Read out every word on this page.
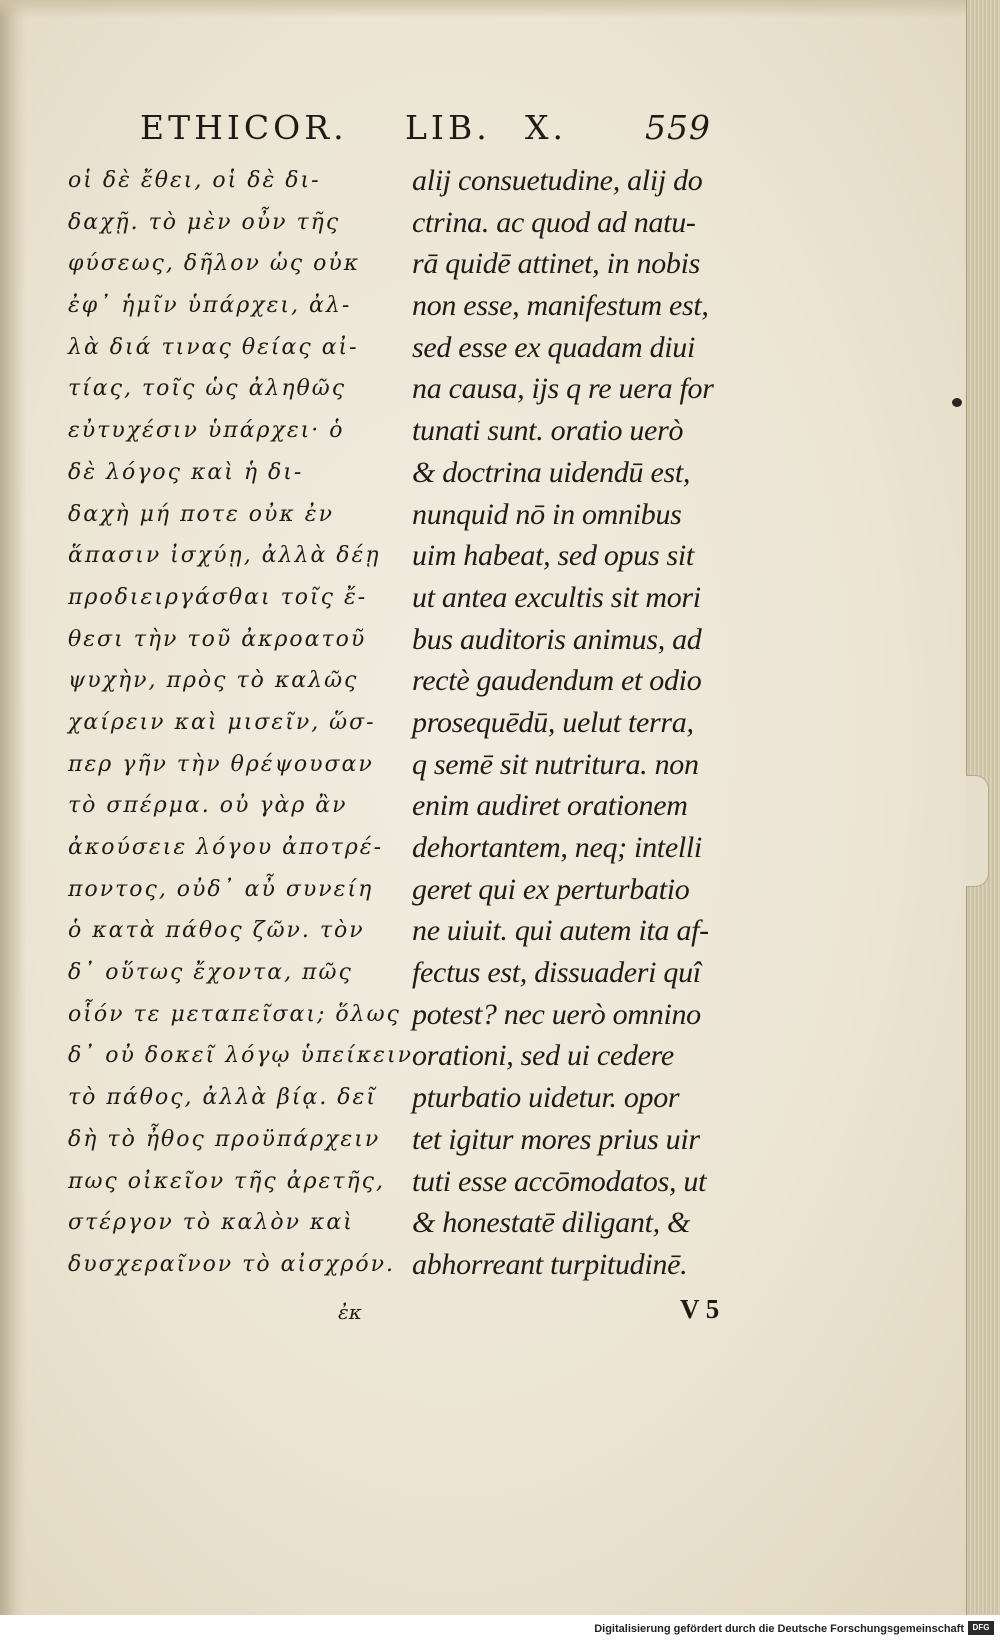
ETHICOR. LIB. X. 559
οἱ δὲ ἔθει, οἱ δὲ δι-
δαχῇ. τὸ μὲν οὖν τῆς
φύσεως, δῆλον ὡς οὐκ
ἐφ᾽ ἡμῖν ὑπάρχει, ἀλ-
λὰ διά τινας θείας αἰ-
τίας, τοῖς ὡς ἀληθῶς
εὐτυχέσιν ὑπάρχει· ὁ
δὲ λόγος καὶ ἡ δι-
δαχὴ μή ποτε οὐκ ἐν
ἅπασιν ἰσχύῃ, ἀλλὰ δέῃ
προδιειργάσθαι τοῖς ἔ-
θεσι τὴν τοῦ ἀκροατοῦ
ψυχὴν, πρὸς τὸ καλῶς
χαίρειν καὶ μισεῖν, ὥσ-
περ γῆν τὴν θρέψουσαν
τὸ σπέρμα. οὐ γὰρ ἂν
ἀκούσειε λόγου ἀποτρέ-
ποντος, οὐδ᾽ αὖ συνείη
ὁ κατὰ πάθος ζῶν. τὸν
δ᾽ οὕτως ἔχοντα, πῶς
οἷόν τε μεταπεῖσαι; ὅλως
δ᾽ οὐ δοκεῖ λόγῳ ὑπείκειν
τὸ πάθος, ἀλλὰ βίᾳ. δεῖ
δὴ τὸ ἦθος προϋπάρχειν
πως οἰκεῖον τῆς ἀρετῆς,
στέργον τὸ καλὸν καὶ
δυσχεραῖνον τὸ αἰσχρόν.
alij consuetudine, alij do
ctrina. ac quod ad natu-
rā quidē attinet, in nobis
non esse, manifestum est,
sed esse ex quadam diui
na causa, ijs q re uera for
tunati sunt. oratio uerò
& doctrina uidendū est,
nunquid nō in omnibus
uim habeat, sed opus sit
ut antea excultis sit mori
bus auditoris animus, ad
rectè gaudendum et odio
prosequēdū, uelut terra,
q semē sit nutritura. non
enim audiret orationem
dehortantem, neq; intelli
geret qui ex perturbatio
ne uiuit. qui autem ita af-
fectus est, dissuaderi quî
potest? nec uerò omnino
orationi, sed ui cedere
pturbatio uidetur. opor
tet igitur mores prius uir
tuti esse accōmodatos, ut
& honestatē diligant, &
abhorreant turpitudinē.
ἐκ	V 5
Digitalisierung gefördert durch die Deutsche Forschungsgemeinschaft	DFG
